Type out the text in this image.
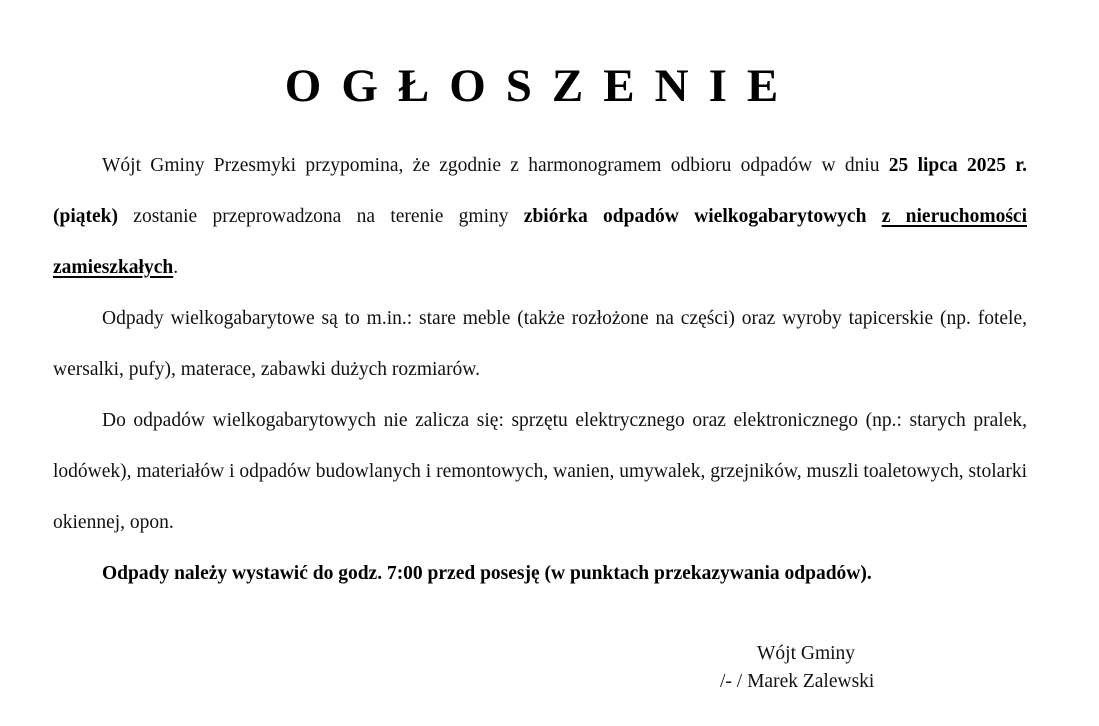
OGŁOSZENIE

Wójt Gminy Przesmyki przypomina, że zgodnie z harmonogramem odbioru odpadów w dniu 25 lipca 2025 r. (piątek) zostanie przeprowadzona na terenie gminy zbiórka odpadów wielkogabarytowych z nieruchomości zamieszkałych.

Odpady wielkogabarytowe są to m.in.: stare meble (także rozłożone na części) oraz wyroby tapicerskie (np. fotele, wersalki, pufy), materace, zabawki dużych rozmiarów.

Do odpadów wielkogabarytowych nie zalicza się: sprzętu elektrycznego oraz elektronicznego (np.: starych pralek, lodówek), materiałów i odpadów budowlanych i remontowych, wanien, umywalek, grzejników, muszli toaletowych, stolarki okiennej, opon.

Odpady należy wystawić do godz. 7:00 przed posesję (w punktach przekazywania odpadów).

Wójt Gminy
/- / Marek Zalewski
